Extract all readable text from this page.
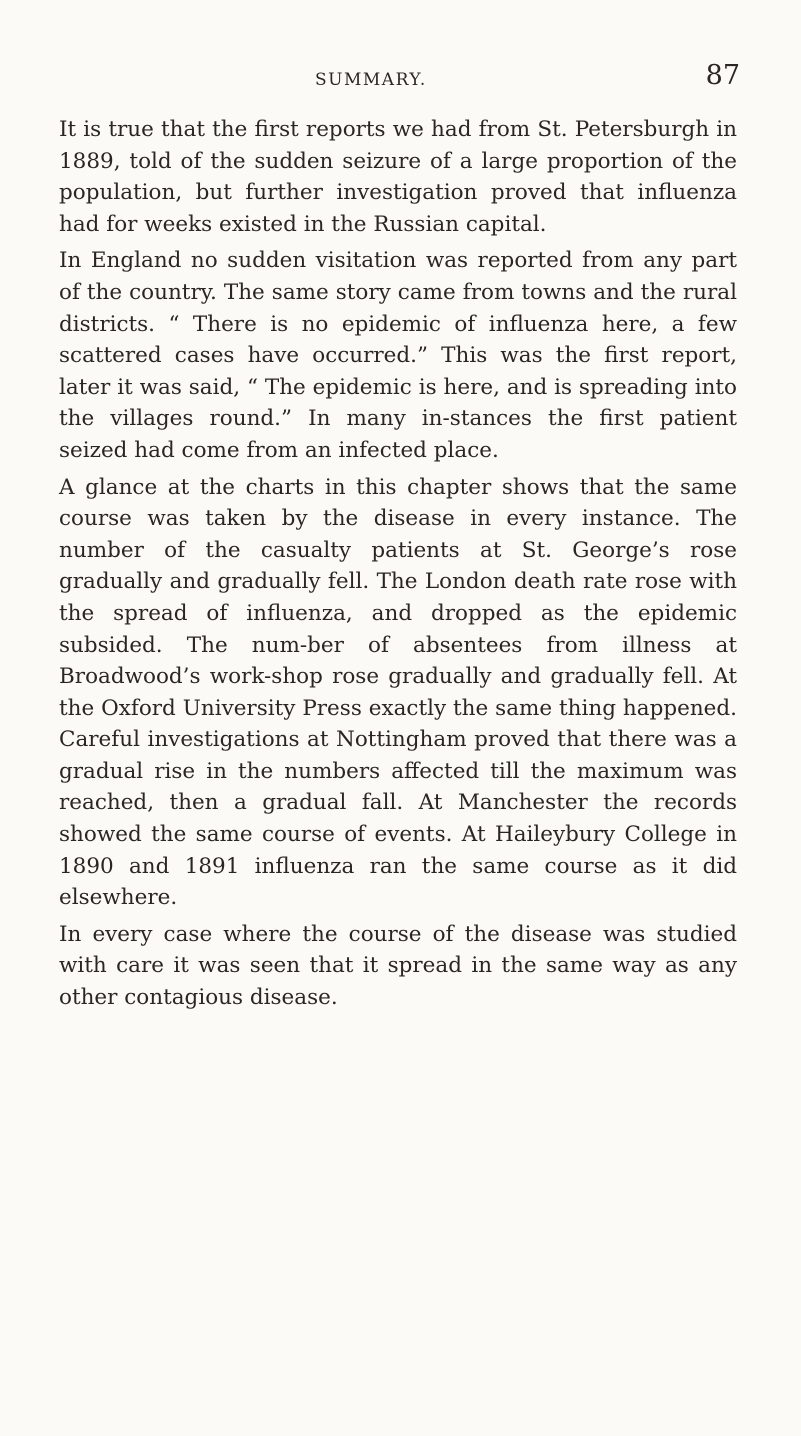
SUMMARY.	87

It is true that the first reports we had from St. Petersburgh in 1889, told of the sudden seizure of a large proportion of the population, but further investigation proved that influenza had for weeks existed in the Russian capital.

In England no sudden visitation was reported from any part of the country. The same story came from towns and the rural districts. “ There is no epidemic of influenza here, a few scattered cases have occurred.” This was the first report, later it was said, “ The epidemic is here, and is spreading into the villages round.” In many in-stances the first patient seized had come from an infected place.

A glance at the charts in this chapter shows that the same course was taken by the disease in every instance. The number of the casualty patients at St. George’s rose gradually and gradually fell. The London death rate rose with the spread of influenza, and dropped as the epidemic subsided. The num-ber of absentees from illness at Broadwood’s work-shop rose gradually and gradually fell. At the Oxford University Press exactly the same thing happened. Careful investigations at Nottingham proved that there was a gradual rise in the numbers affected till the maximum was reached, then a gradual fall. At Manchester the records showed the same course of events. At Haileybury College in 1890 and 1891 influenza ran the same course as it did elsewhere.

In every case where the course of the disease was studied with care it was seen that it spread in the same way as any other contagious disease.
